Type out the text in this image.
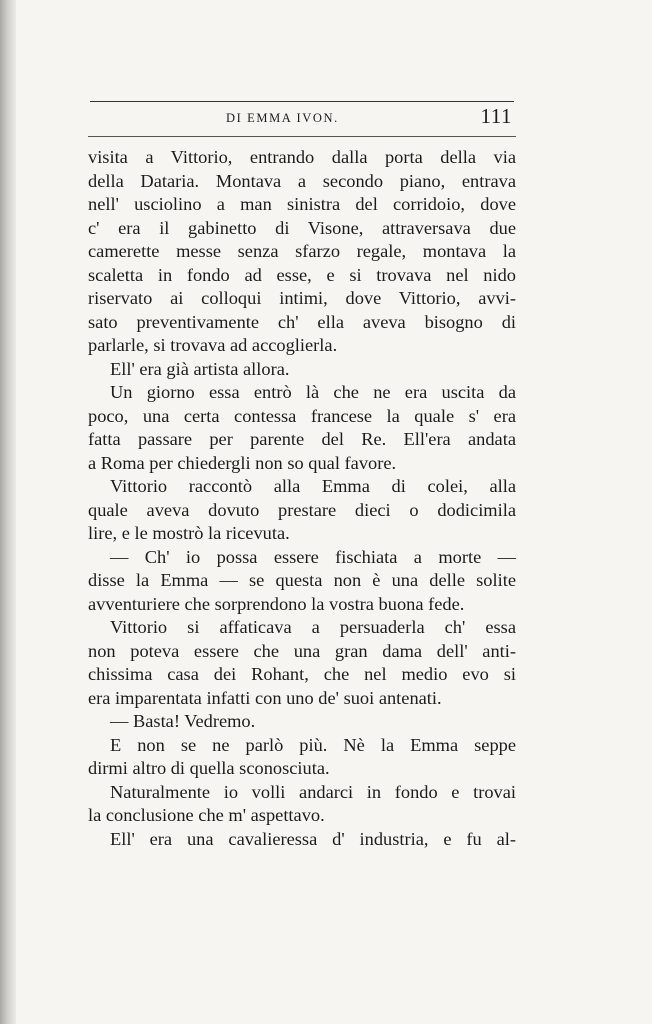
DI EMMA IVON.	111
visita a Vittorio, entrando dalla porta della via
della Dataria. Montava a secondo piano, entrava
nell' usciolino a man sinistra del corridoio, dove
c' era il gabinetto di Visone, attraversava due
camerette messe senza sfarzo regale, montava la
scaletta in fondo ad esse, e si trovava nel nido
riservato ai colloqui intimi, dove Vittorio, avvi-
sato preventivamente ch' ella aveva bisogno di
parlarle, si trovava ad accoglierla.
Ell' era già artista allora.
Un giorno essa entrò là che ne era uscita da
poco, una certa contessa francese la quale s' era
fatta passare per parente del Re. Ell'era andata
a Roma per chiedergli non so qual favore.
Vittorio raccontò alla Emma di colei, alla
quale aveva dovuto prestare dieci o dodicimila
lire, e le mostrò la ricevuta.
— Ch' io possa essere fischiata a morte —
disse la Emma — se questa non è una delle solite
avventuriere che sorprendono la vostra buona fede.
Vittorio si affaticava a persuaderla ch' essa
non poteva essere che una gran dama dell' anti-
chissima casa dei Rohant, che nel medio evo si
era imparentata infatti con uno de' suoi antenati.
— Basta! Vedremo.
E non se ne parlò più. Nè la Emma seppe
dirmi altro di quella sconosciuta.
Naturalmente io volli andarci in fondo e trovai
la conclusione che m' aspettavo.
Ell' era una cavalieressa d' industria, e fu al-
